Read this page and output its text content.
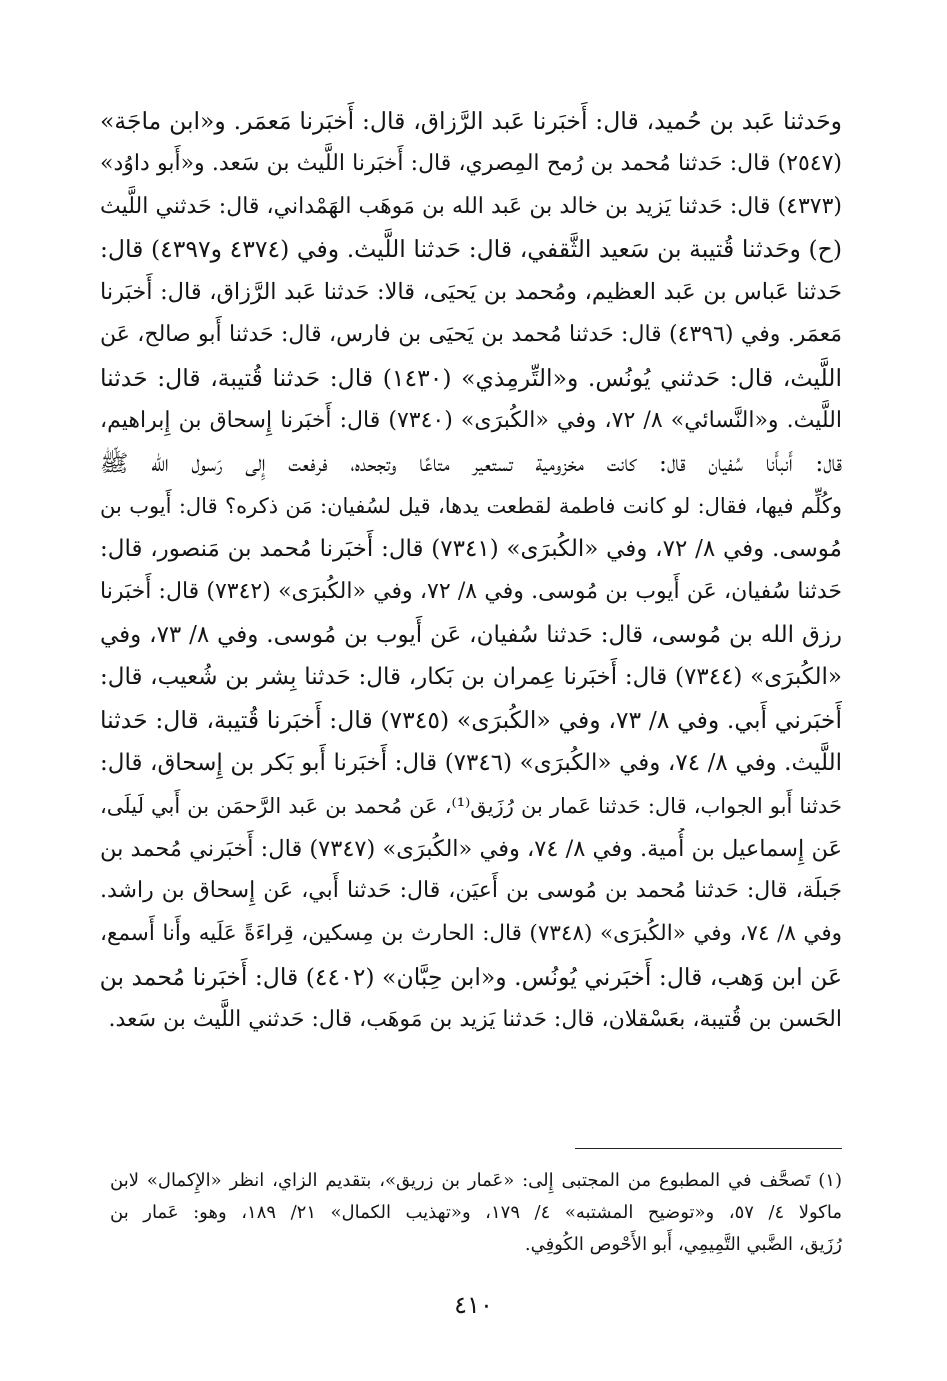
وحَدثنا عَبد بن حُميد، قال: أَخبَرنا عَبد الرَّزاق، قال: أَخبَرنا مَعمَر. و«ابن ماجَة»
(٢٥٤٧) قال: حَدثنا مُحمد بن رُمح المِصري، قال: أَخبَرنا اللَّيث بن سَعد. و«أَبو داوُد»
(٤٣٧٣) قال: حَدثنا يَزيد بن خالد بن عَبد الله بن مَوهَب الهَمْداني، قال: حَدثني اللَّيث
(ح) وحَدثنا قُتيبة بن سَعيد الثَّقفي، قال: حَدثنا اللَّيث. وفي (٤٣٧٤ و٤٣٩٧) قال:
حَدثنا عَباس بن عَبد العظيم، ومُحمد بن يَحيَى، قالا: حَدثنا عَبد الرَّزاق، قال: أَخبَرنا
مَعمَر. وفي (٤٣٩٦) قال: حَدثنا مُحمد بن يَحيَى بن فارس، قال: حَدثنا أَبو صالح، عَن
اللَّيث، قال: حَدثني يُونُس. و«التِّرمِذي» (١٤٣٠) قال: حَدثنا قُتيبة، قال: حَدثنا
اللَّيث. و«النَّسائي» ٨/ ٧٢، وفي «الكُبرَى» (٧٣٤٠) قال: أَخبَرنا إِسحاق بن إِبراهيم،
قال: أَنبأَنا سُفيان قال: كانت مخزومية تستعير متاعًا وتجحده، فرفعت إِلى رَسول الله ﷺ
وكُلِّم فيها، فقال: لو كانت فاطمة لقطعت يدها، قيل لسُفيان: مَن ذكره؟ قال: أَيوب بن
مُوسى. وفي ٨/ ٧٢، وفي «الكُبرَى» (٧٣٤١) قال: أَخبَرنا مُحمد بن مَنصور، قال:
حَدثنا سُفيان، عَن أَيوب بن مُوسى. وفي ٨/ ٧٢، وفي «الكُبرَى» (٧٣٤٢) قال: أَخبَرنا
رزق الله بن مُوسى، قال: حَدثنا سُفيان، عَن أَيوب بن مُوسى. وفي ٨/ ٧٣، وفي
«الكُبرَى» (٧٣٤٤) قال: أَخبَرنا عِمران بن بَكار، قال: حَدثنا بِشر بن شُعيب، قال:
أَخبَرني أَبي. وفي ٨/ ٧٣، وفي «الكُبرَى» (٧٣٤٥) قال: أَخبَرنا قُتيبة، قال: حَدثنا
اللَّيث. وفي ٨/ ٧٤، وفي «الكُبرَى» (٧٣٤٦) قال: أَخبَرنا أَبو بَكر بن إِسحاق، قال:
حَدثنا أَبو الجواب، قال: حَدثنا عَمار بن رُزَيق⁽¹⁾، عَن مُحمد بن عَبد الرَّحمَن بن أَبي لَيلَى،
عَن إِسماعيل بن أُمية. وفي ٨/ ٧٤، وفي «الكُبرَى» (٧٣٤٧) قال: أَخبَرني مُحمد بن
جَبلَة، قال: حَدثنا مُحمد بن مُوسى بن أَعيَن، قال: حَدثنا أَبي، عَن إِسحاق بن راشد.
وفي ٨/ ٧٤، وفي «الكُبرَى» (٧٣٤٨) قال: الحارث بن مِسكين، قِراءَةً عَلَيه وأَنا أَسمع،
عَن ابن وَهب، قال: أَخبَرني يُونُس. و«ابن حِبَّان» (٤٤٠٢) قال: أَخبَرنا مُحمد بن
الحَسن بن قُتيبة، بعَسْقلان، قال: حَدثنا يَزيد بن مَوهَب، قال: حَدثني اللَّيث بن سَعد.
(١) تَصحَّف في المطبوع من المجتبى إِلى: «عَمار بن زريق»، بتقديم الزاي، انظر «الإِكمال» لابن
ماكولا ٤/ ٥٧، و«توضيح المشتبه» ٤/ ١٧٩، و«تهذيب الكمال» ٢١/ ١٨٩، وهو: عَمار بن
رُزَيق، الضَّبي التَّمِيمِي، أَبو الأَحْوص الكُوفِي.
٤١٠
